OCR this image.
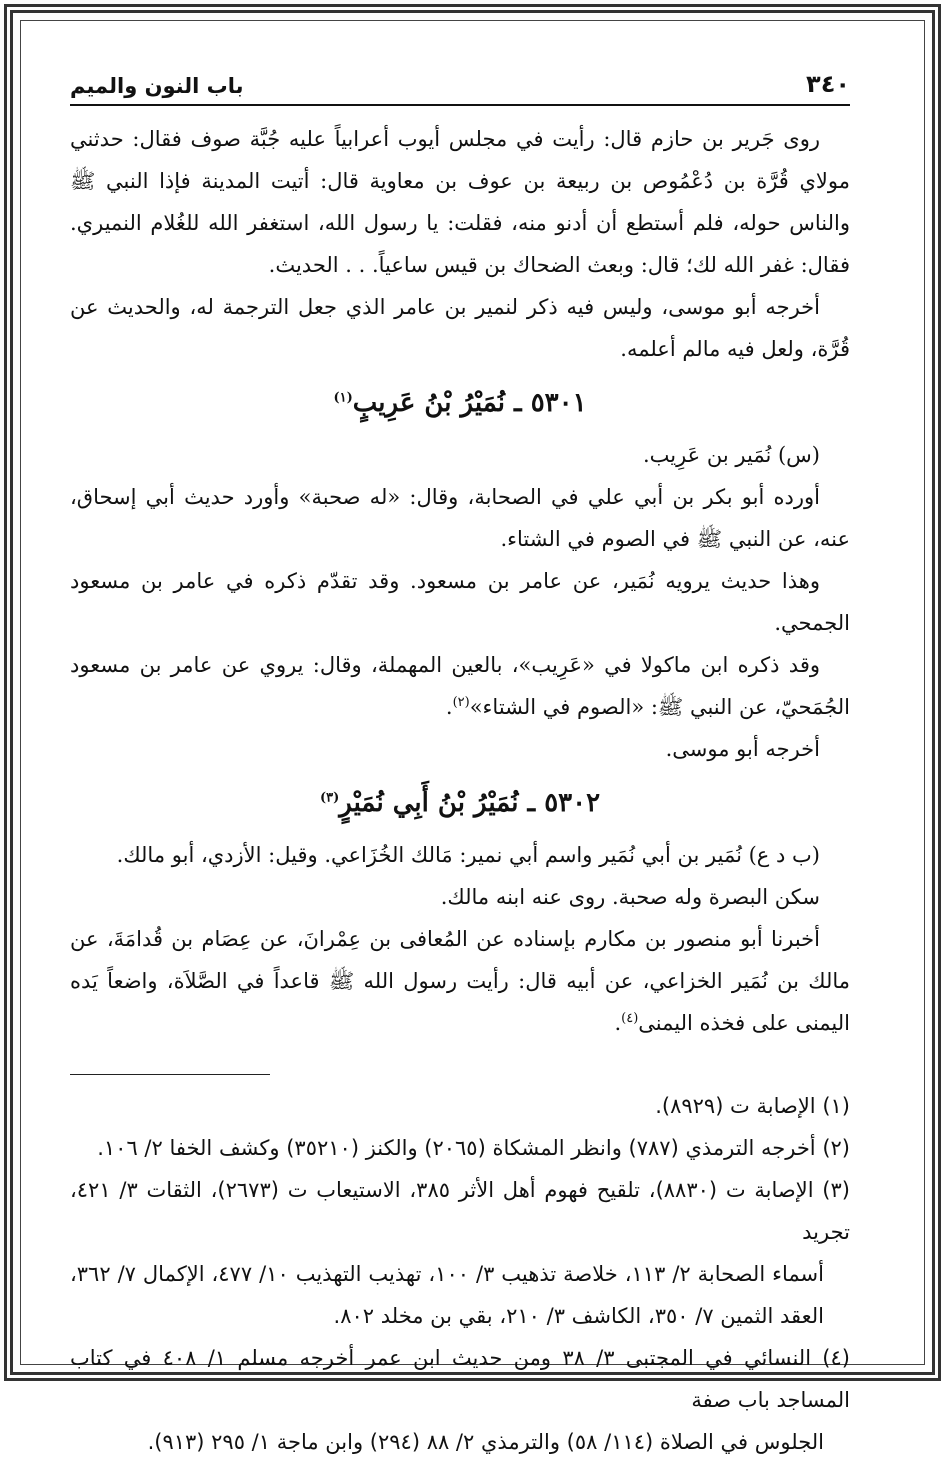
٣٤٠
باب النون والميم

روى جَرير بن حازم قال: رأيت في مجلس أيوب أعرابياً عليه جُبَّة صوف فقال: حدثني مولاي قُرَّة بن دُعْمُوص بن ربيعة بن عوف بن معاوية قال: أتيت المدينة فإذا النبي ﷺ والناس حوله، فلم أستطع أن أدنو منه، فقلت: يا رسول الله، استغفر الله للغُلام النميري. فقال: غفر الله لك؛ قال: وبعث الضحاك بن قيس ساعياً. . . الحديث.

أخرجه أبو موسى، وليس فيه ذكر لنمير بن عامر الذي جعل الترجمة له، والحديث عن قُرَّة، ولعل فيه مالم أعلمه.

٥٣٠١ ـ نُمَيْرُ بْنُ عَرِيبٍ$^{(١)}$

(س) نُمَير بن عَرِيب.

أورده أبو بكر بن أبي علي في الصحابة، وقال: «له صحبة» وأورد حديث أبي إسحاق، عنه، عن النبي ﷺ في الصوم في الشتاء.

وهذا حديث يرويه نُمَير، عن عامر بن مسعود. وقد تقدّم ذكره في عامر بن مسعود الجمحي.

وقد ذكره ابن ماكولا في «عَرِيب»، بالعين المهملة، وقال: يروي عن عامر بن مسعود الجُمَحيّ، عن النبي ﷺ: «الصوم في الشتاء»$^{(٢)}$.

أخرجه أبو موسى.

٥٣٠٢ ـ نُمَيْرُ بْنُ أَبِي نُمَيْرٍ$^{(٣)}$

(ب د ع) نُمَير بن أبي نُمَير واسم أبي نمير: مَالك الخُزَاعي. وقيل: الأزدي، أبو مالك.

سكن البصرة وله صحبة. روى عنه ابنه مالك.

أخبرنا أبو منصور بن مكارم بإسناده عن المُعافى بن عِمْرانَ، عن عِصَام بن قُدامَةَ، عن مالك بن نُمَير الخزاعي، عن أبيه قال: رأيت رسول الله ﷺ قاعداً في الصَّلاَة، واضعاً يَده اليمنى على فخذه اليمنى$^{(٤)}$.

(١) الإصابة ت (٨٩٢٩).

(٢) أخرجه الترمذي (٧٨٧) وانظر المشكاة (٢٠٦٥) والكنز (٣٥٢١٠) وكشف الخفا ٢/ ١٠٦.

(٣) الإصابة ت (٨٨٣٠)، تلقيح فهوم أهل الأثر ٣٨٥، الاستيعاب ت (٢٦٧٣)، الثقات ٣/ ٤٢١، تجريد

أسماء الصحابة ٢/ ١١٣، خلاصة تذهيب ٣/ ١٠٠، تهذيب التهذيب ١٠/ ٤٧٧، الإكمال ٧/ ٣٦٢، العقد الثمين ٧/ ٣٥٠، الكاشف ٣/ ٢١٠، بقي بن مخلد ٨٠٢.

(٤) النسائي في المجتبى ٣/ ٣٨ ومن حديث ابن عمر أخرجه مسلم ١/ ٤٠٨ في كتاب المساجد باب صفة

الجلوس في الصلاة (١١٤/ ٥٨) والترمذي ٢/ ٨٨ (٢٩٤) وابن ماجة ١/ ٢٩٥ (٩١٣).
